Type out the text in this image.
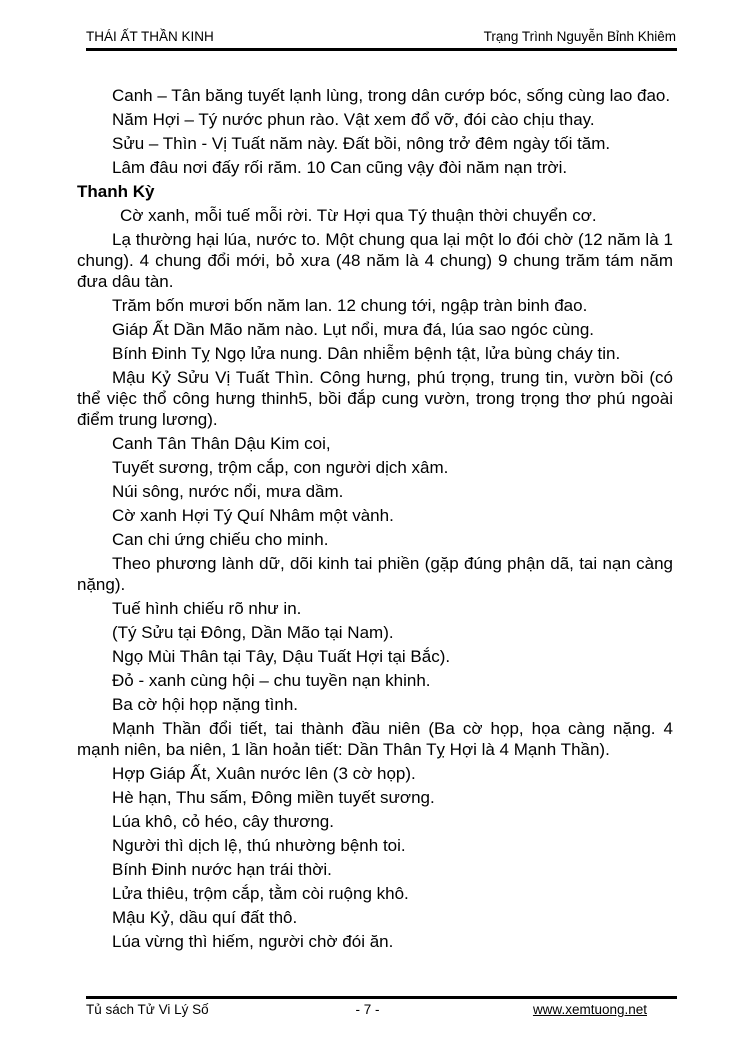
THÁI ẤT THẦN KINH	Trạng Trình Nguyễn Bỉnh Khiêm

Canh – Tân băng tuyết lạnh lùng, trong dân cướp bóc, sống cùng lao đao.

Năm Hợi – Tý nước phun rào. Vật xem đổ vỡ, đói cào chịu thay.

Sửu – Thìn - Vị Tuất năm này. Đất bồi, nông trở đêm ngày tối tăm.

Lâm đâu nơi đấy rối răm. 10 Can cũng vậy đòi năm nạn trời.

Thanh Kỳ

Cờ xanh, mỗi tuế mỗi rời. Từ Hợi qua Tý thuận thời chuyển cơ.

Lạ thường hại lúa, nước to. Một chung qua lại một lo đói chờ (12 năm là 1 chung). 4 chung đổi mới, bỏ xưa (48 năm là 4 chung) 9 chung trăm tám năm đưa dâu tàn.

Trăm bốn mươi bốn năm lan. 12 chung tới, ngập tràn binh đao.

Giáp Ất Dần Mão năm nào. Lụt nổi, mưa đá, lúa sao ngóc cùng.

Bính Đinh Tỵ Ngọ lửa nung. Dân nhiễm bệnh tật, lửa bùng cháy tin.

Mậu Kỷ Sửu Vị Tuất Thìn. Công hưng, phú trọng, trung tin, vườn bồi (có thể việc thổ công hưng thinh5, bồi đắp cung vườn, trong trọng thơ phú ngoài điểm trung lương).

Canh Tân Thân Dậu Kim coi,

Tuyết sương, trộm cắp, con người dịch xâm.

Núi sông, nước nổi, mưa dầm.

Cờ xanh Hợi Tý Quí Nhâm một vành.

Can chi ứng chiếu cho minh.

Theo phương lành dữ, dõi kinh tai phiền (gặp đúng phận dã, tai nạn càng nặng).

Tuế hình chiếu rõ như in.

(Tý Sửu tại Đông, Dần Mão tại Nam).

Ngọ Mùi Thân tại Tây, Dậu Tuất Hợi tại Bắc).

Đỏ - xanh cùng hội – chu tuyền nạn khinh.

Ba cờ hội họp nặng tình.

Mạnh Thần đổi tiết, tai thành đầu niên (Ba cờ họp, họa càng nặng. 4 mạnh niên, ba niên, 1 lần hoản tiết: Dần Thân Tỵ Hợi là 4 Mạnh Thần).

Hợp Giáp Ất, Xuân nước lên (3 cờ họp).

Hè hạn, Thu sấm, Đông miền tuyết sương.

Lúa khô, cỏ héo, cây thương.

Người thì dịch lệ, thú nhường bệnh toi.

Bính Đinh nước hạn trái thời.

Lửa thiêu, trộm cắp, tằm còi ruộng khô.

Mậu Kỷ, dầu quí đất thô.

Lúa vừng thì hiếm, người chờ đói ăn.

Tủ sách Tử Vi Lý Số	- 7 -	www.xemtuong.net
